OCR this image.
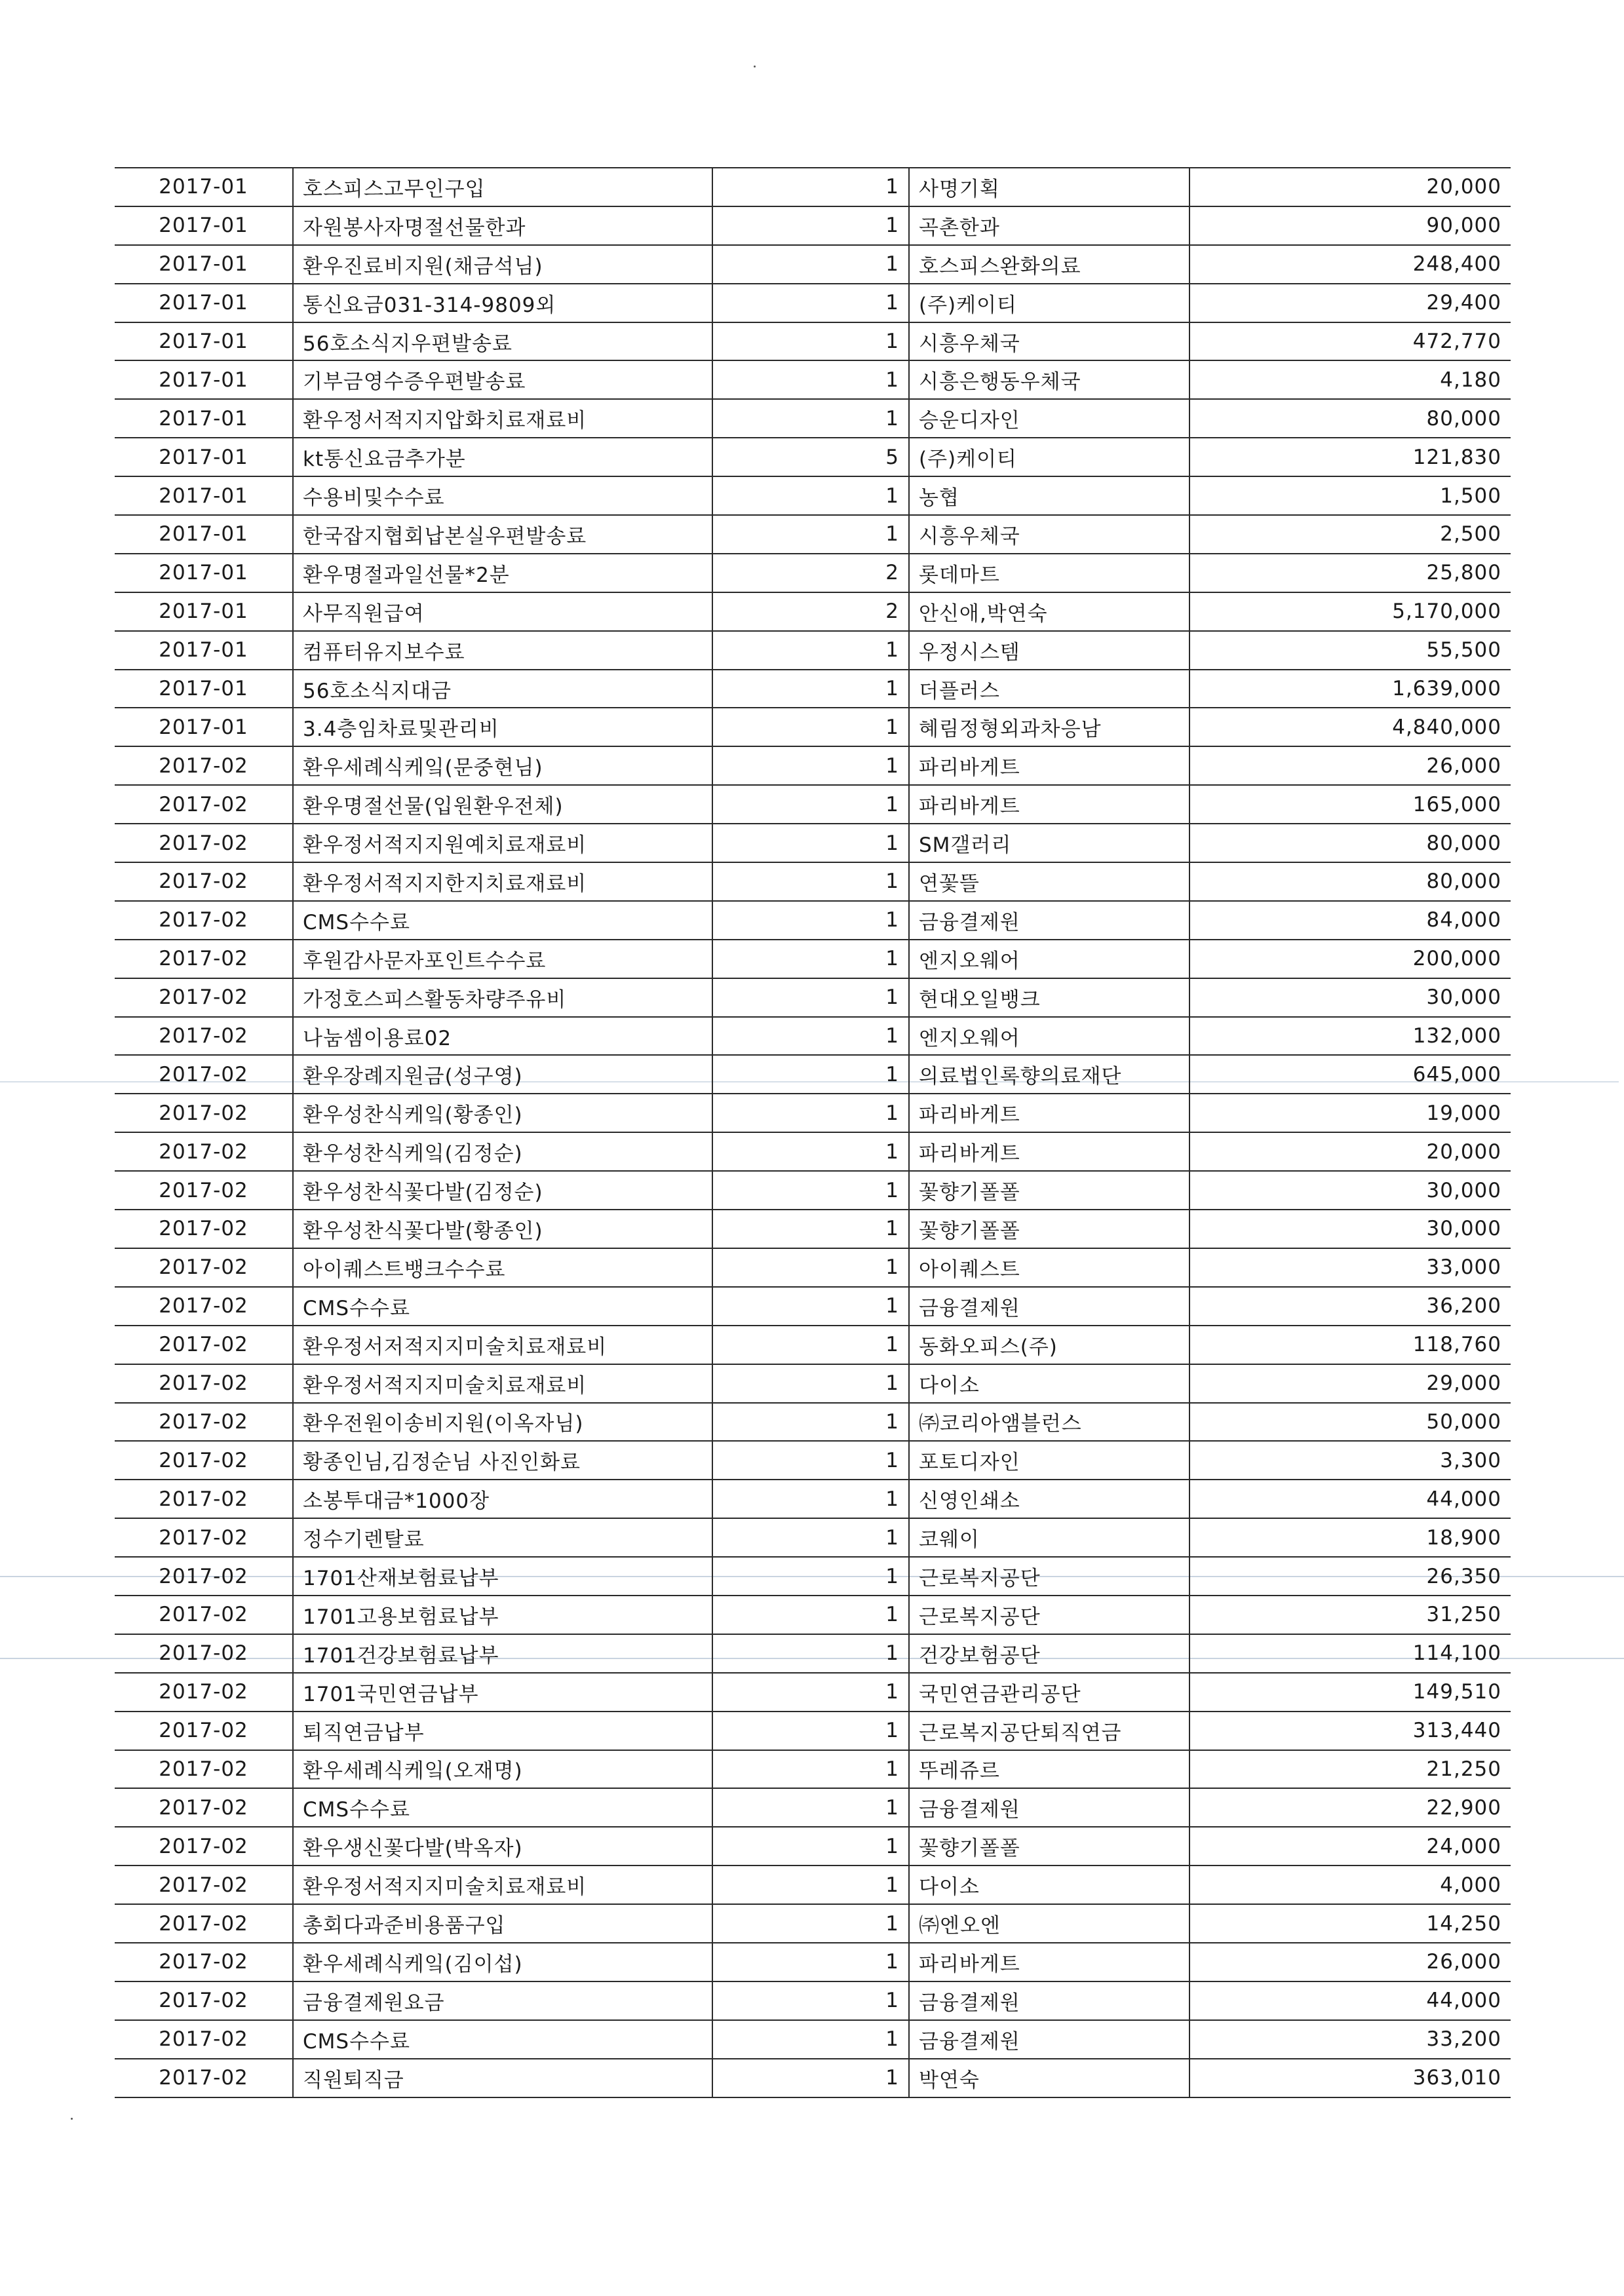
2017-01	호스피스고무인구입	1	사명기획	20,000
2017-01	자원봉사자명절선물한과	1	곡촌한과	90,000
2017-01	환우진료비지원(채금석님)	1	호스피스완화의료	248,400
2017-01	통신요금031-314-9809외	1	(주)케이티	29,400
2017-01	56호소식지우편발송료	1	시흥우체국	472,770
2017-01	기부금영수증우편발송료	1	시흥은행동우체국	4,180
2017-01	환우정서적지지압화치료재료비	1	승운디자인	80,000
2017-01	kt통신요금추가분	5	(주)케이티	121,830
2017-01	수용비및수수료	1	농협	1,500
2017-01	한국잡지협회납본실우편발송료	1	시흥우체국	2,500
2017-01	환우명절과일선물*2분	2	롯데마트	25,800
2017-01	사무직원급여	2	안신애,박연숙	5,170,000
2017-01	컴퓨터유지보수료	1	우정시스템	55,500
2017-01	56호소식지대금	1	더플러스	1,639,000
2017-01	3.4층임차료및관리비	1	혜림정형외과차응남	4,840,000
2017-02	환우세례식케잌(문중현님)	1	파리바게트	26,000
2017-02	환우명절선물(입원환우전체)	1	파리바게트	165,000
2017-02	환우정서적지지원예치료재료비	1	SM갤러리	80,000
2017-02	환우정서적지지한지치료재료비	1	연꽃뜰	80,000
2017-02	CMS수수료	1	금융결제원	84,000
2017-02	후원감사문자포인트수수료	1	엔지오웨어	200,000
2017-02	가정호스피스활동차량주유비	1	현대오일뱅크	30,000
2017-02	나눔셈이용료02	1	엔지오웨어	132,000
2017-02	환우장례지원금(성구영)	1	의료법인록향의료재단	645,000
2017-02	환우성찬식케잌(황종인)	1	파리바게트	19,000
2017-02	환우성찬식케잌(김정순)	1	파리바게트	20,000
2017-02	환우성찬식꽃다발(김정순)	1	꽃향기폴폴	30,000
2017-02	환우성찬식꽃다발(황종인)	1	꽃향기폴폴	30,000
2017-02	아이퀘스트뱅크수수료	1	아이퀘스트	33,000
2017-02	CMS수수료	1	금융결제원	36,200
2017-02	환우정서저적지지미술치료재료비	1	동화오피스(주)	118,760
2017-02	환우정서적지지미술치료재료비	1	다이소	29,000
2017-02	환우전원이송비지원(이옥자님)	1	㈜코리아앰블런스	50,000
2017-02	황종인님,김정순님 사진인화료	1	포토디자인	3,300
2017-02	소봉투대금*1000장	1	신영인쇄소	44,000
2017-02	정수기렌탈료	1	코웨이	18,900
2017-02	1701산재보험료납부	1	근로복지공단	26,350
2017-02	1701고용보험료납부	1	근로복지공단	31,250
2017-02	1701건강보험료납부	1	건강보험공단	114,100
2017-02	1701국민연금납부	1	국민연금관리공단	149,510
2017-02	퇴직연금납부	1	근로복지공단퇴직연금	313,440
2017-02	환우세례식케잌(오재명)	1	뚜레쥬르	21,250
2017-02	CMS수수료	1	금융결제원	22,900
2017-02	환우생신꽃다발(박옥자)	1	꽃향기폴폴	24,000
2017-02	환우정서적지지미술치료재료비	1	다이소	4,000
2017-02	총회다과준비용품구입	1	㈜엔오엔	14,250
2017-02	환우세례식케잌(김이섭)	1	파리바게트	26,000
2017-02	금융결제원요금	1	금융결제원	44,000
2017-02	CMS수수료	1	금융결제원	33,200
2017-02	직원퇴직금	1	박연숙	363,010
